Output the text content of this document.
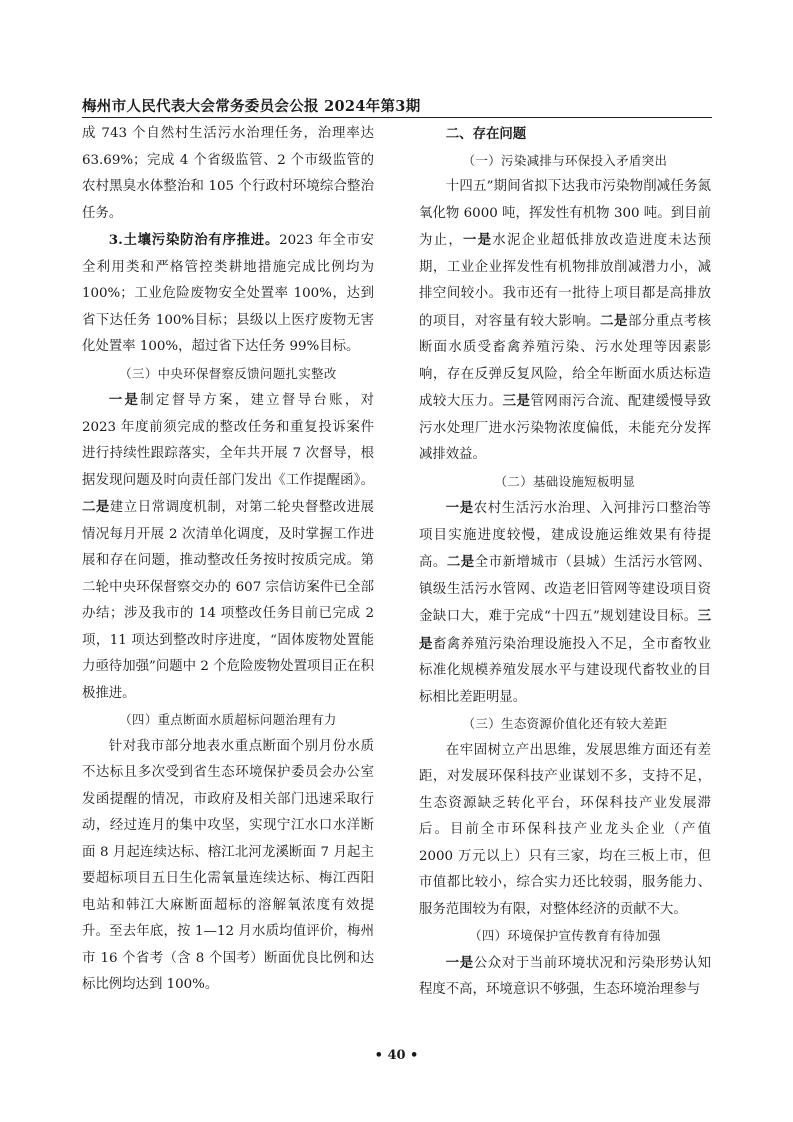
梅州市人民代表大会常务委员会公报 2024年第3期

成 743 个自然村生活污水治理任务，治理率达 63.69%；完成 4 个省级监管、2 个市级监管的农村黑臭水体整治和 105 个行政村环境综合整治任务。

3.土壤污染防治有序推进。2023 年全市安全利用类和严格管控类耕地措施完成比例均为 100%；工业危险废物安全处置率 100%，达到省下达任务 100%目标；县级以上医疗废物无害化处置率 100%，超过省下达任务 99%目标。

（三）中央环保督察反馈问题扎实整改

一是制定督导方案，建立督导台账，对 2023 年度前须完成的整改任务和重复投诉案件进行持续性跟踪落实，全年共开展 7 次督导，根据发现问题及时向责任部门发出《工作提醒函》。二是建立日常调度机制，对第二轮央督整改进展情况每月开展 2 次清单化调度，及时掌握工作进展和存在问题，推动整改任务按时按质完成。第二轮中央环保督察交办的 607 宗信访案件已全部办结；涉及我市的 14 项整改任务目前已完成 2 项，11 项达到整改时序进度，“固体废物处置能力亟待加强”问题中 2 个危险废物处置项目正在积极推进。

（四）重点断面水质超标问题治理有力

针对我市部分地表水重点断面个别月份水质不达标且多次受到省生态环境保护委员会办公室发函提醒的情况，市政府及相关部门迅速采取行动，经过连月的集中攻坚，实现宁江水口水洋断面 8 月起连续达标、榕江北河龙溪断面 7 月起主要超标项目五日生化需氧量连续达标、梅江西阳电站和韩江大麻断面超标的溶解氧浓度有效提升。至去年底，按 1—12 月水质均值评价，梅州市 16 个省考（含 8 个国考）断面优良比例和达标比例均达到 100%。

二、存在问题

（一）污染减排与环保投入矛盾突出

十四五”期间省拟下达我市污染物削减任务氮氧化物 6000 吨，挥发性有机物 300 吨。到目前为止，一是水泥企业超低排放改造进度未达预期，工业企业挥发性有机物排放削减潜力小，减排空间较小。我市还有一批待上项目都是高排放的项目，对容量有较大影响。二是部分重点考核断面水质受畜禽养殖污染、污水处理等因素影响，存在反弹反复风险，给全年断面水质达标造成较大压力。三是管网雨污合流、配建缓慢导致污水处理厂进水污染物浓度偏低，未能充分发挥减排效益。

（二）基础设施短板明显

一是农村生活污水治理、入河排污口整治等项目实施进度较慢，建成设施运维效果有待提高。二是全市新增城市（县城）生活污水管网、镇级生活污水管网、改造老旧管网等建设项目资金缺口大，难于完成“十四五”规划建设目标。三是畜禽养殖污染治理设施投入不足，全市畜牧业标准化规模养殖发展水平与建设现代畜牧业的目标相比差距明显。

（三）生态资源价值化还有较大差距

在牢固树立产出思维，发展思维方面还有差距，对发展环保科技产业谋划不多，支持不足，生态资源缺乏转化平台，环保科技产业发展滞后。目前全市环保科技产业龙头企业（产值 2000 万元以上）只有三家，均在三板上市，但市值都比较小，综合实力还比较弱，服务能力、服务范围较为有限，对整体经济的贡献不大。

（四）环境保护宣传教育有待加强

一是公众对于当前环境状况和污染形势认知程度不高，环境意识不够强，生态环境治理参与

• 40 •
